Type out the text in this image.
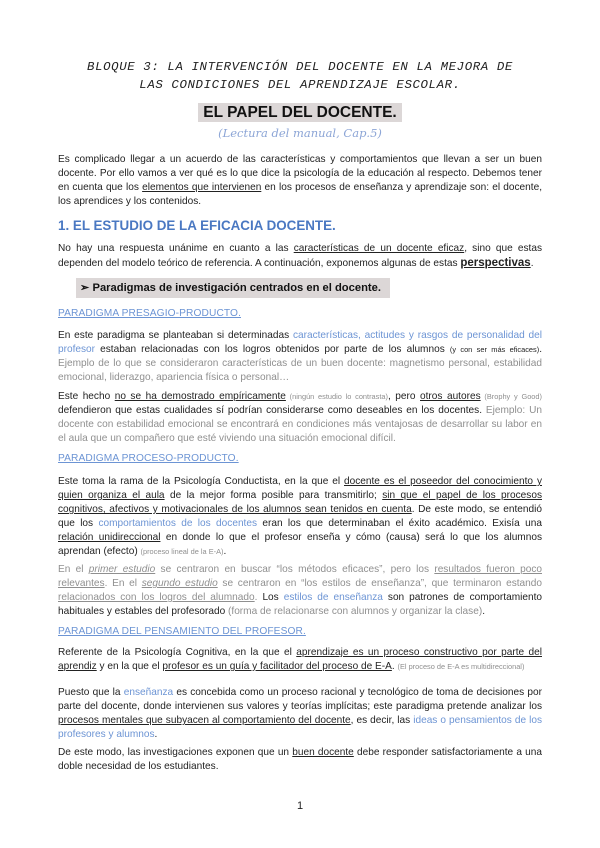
BLOQUE 3: LA INTERVENCIÓN DEL DOCENTE EN LA MEJORA DE
LAS CONDICIONES DEL APRENDIZAJE ESCOLAR.
EL PAPEL DEL DOCENTE.
(Lectura del manual, Cap.5)
Es complicado llegar a un acuerdo de las características y comportamientos que llevan a ser un buen docente. Por ello vamos a ver qué es lo que dice la psicología de la educación al respecto. Debemos tener en cuenta que los elementos que intervienen en los procesos de enseñanza y aprendizaje son: el docente, los aprendices y los contenidos.
1. EL ESTUDIO DE LA EFICACIA DOCENTE.
No hay una respuesta unánime en cuanto a las características de un docente eficaz, sino que estas dependen del modelo teórico de referencia. A continuación, exponemos algunas de estas perspectivas.
➢ Paradigmas de investigación centrados en el docente.
PARADIGMA PRESAGIO-PRODUCTO.
En este paradigma se planteaban si determinadas características, actitudes y rasgos de personalidad del profesor estaban relacionadas con los logros obtenidos por parte de los alumnos (y con ser más eficaces). Ejemplo de lo que se consideraron características de un buen docente: magnetismo personal, estabilidad emocional, liderazgo, apariencia física o personal…
Este hecho no se ha demostrado empíricamente (ningún estudio lo contrasta), pero otros autores (Brophy y Good) defendieron que estas cualidades sí podrían considerarse como deseables en los docentes. Ejemplo: Un docente con estabilidad emocional se encontrará en condiciones más ventajosas de desarrollar su labor en el aula que un compañero que esté viviendo una situación emocional difícil.
PARADIGMA PROCESO-PRODUCTO.
Este toma la rama de la Psicología Conductista, en la que el docente es el poseedor del conocimiento y quien organiza el aula de la mejor forma posible para transmitirlo; sin que el papel de los procesos cognitivos, afectivos y motivacionales de los alumnos sean tenidos en cuenta. De este modo, se entendió que los comportamientos de los docentes eran los que determinaban el éxito académico. Exisía una relación unidireccional en donde lo que el profesor enseña y cómo (causa) será lo que los alumnos aprendan (efecto) (proceso lineal de la E-A).
En el primer estudio se centraron en buscar “los métodos eficaces”, pero los resultados fueron poco relevantes. En el segundo estudio se centraron en “los estilos de enseñanza”, que terminaron estando relacionados con los logros del alumnado. Los estilos de enseñanza son patrones de comportamiento habituales y estables del profesorado (forma de relacionarse con alumnos y organizar la clase).
PARADIGMA DEL PENSAMIENTO DEL PROFESOR.
Referente de la Psicología Cognitiva, en la que el aprendizaje es un proceso constructivo por parte del aprendiz y en la que el profesor es un guía y facilitador del proceso de E-A. (El proceso de E-A es multidireccional)
Puesto que la enseñanza es concebida como un proceso racional y tecnológico de toma de decisiones por parte del docente, donde intervienen sus valores y teorías implícitas; este paradigma pretende analizar los procesos mentales que subyacen al comportamiento del docente, es decir, las ideas o pensamientos de los profesores y alumnos.
De este modo, las investigaciones exponen que un buen docente debe responder satisfactoriamente a una doble necesidad de los estudiantes.
1
